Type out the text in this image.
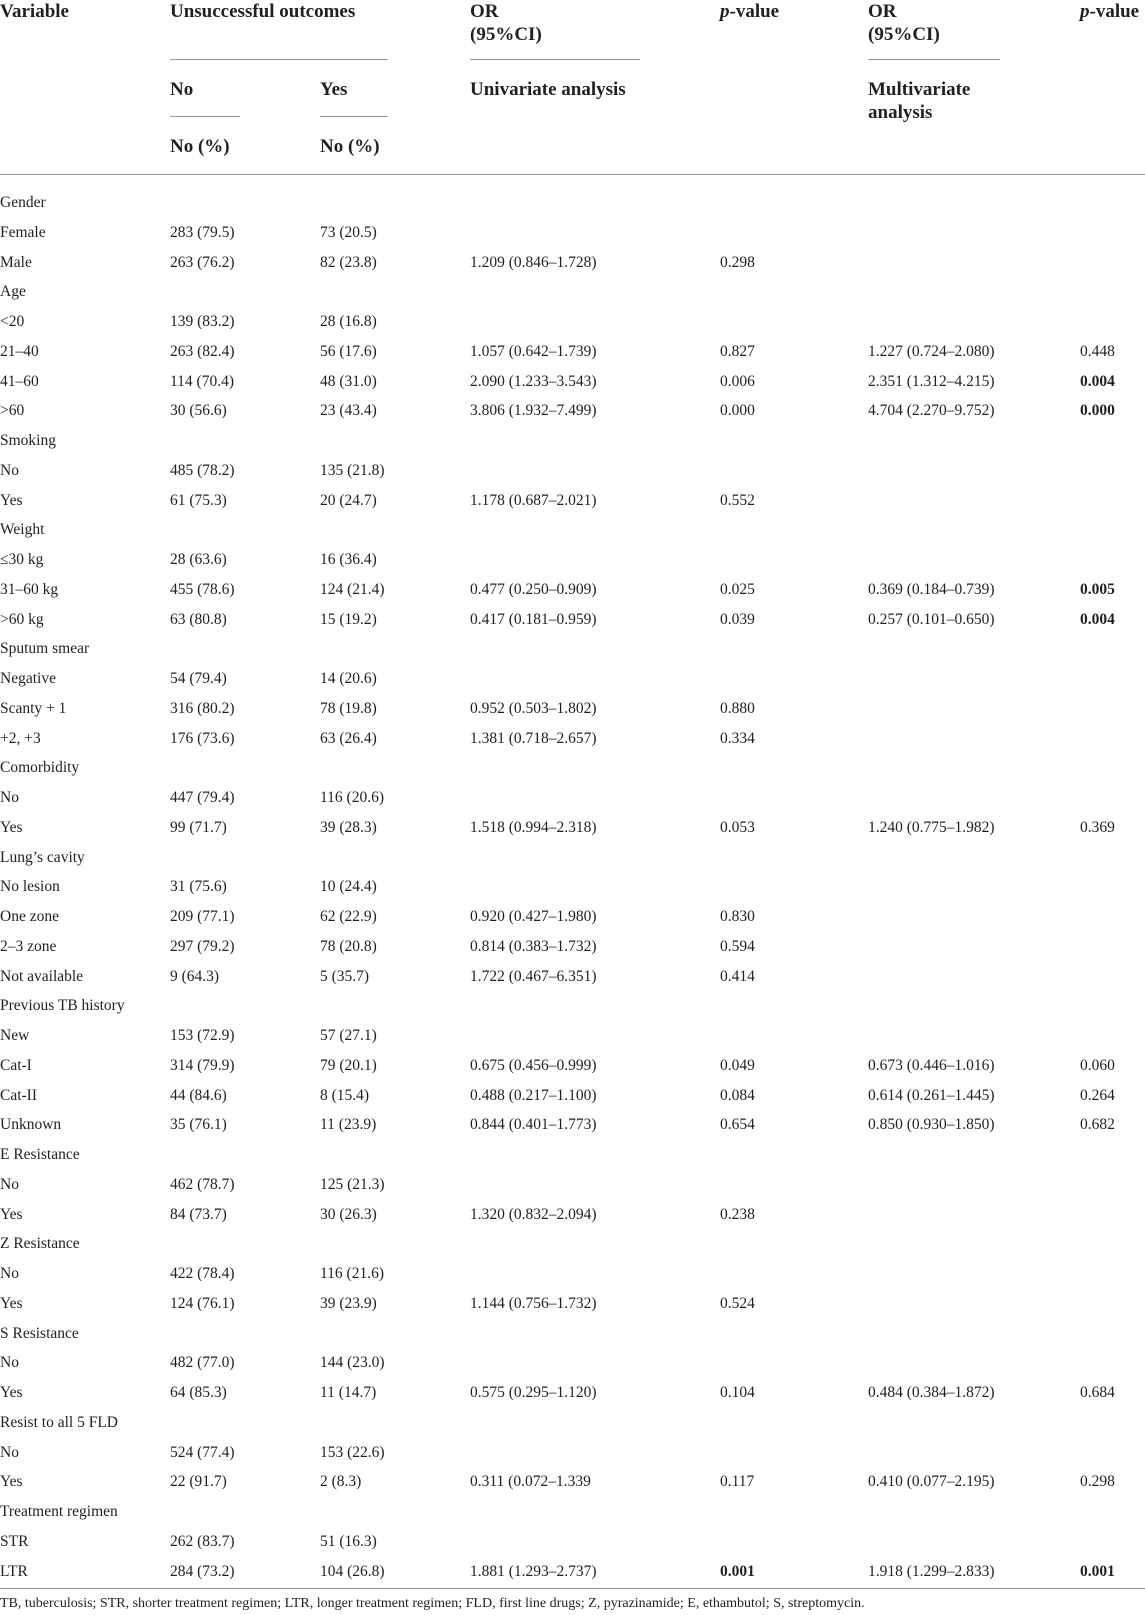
Variable	Unsuccessful outcomes	OR
(95%CI)
p-value	OR
(95%CI)
p-value
No	Yes	Univariate analysis	Multivariate
analysis
No (%)	No (%)
Gender
Female	283 (79.5)	73 (20.5)
Male	263 (76.2)	82 (23.8)	1.209 (0.846–1.728)	0.298
Age
<20	139 (83.2)	28 (16.8)
21–40	263 (82.4)	56 (17.6)	1.057 (0.642–1.739)	0.827	1.227 (0.724–2.080)	0.448
41–60	114 (70.4)	48 (31.0)	2.090 (1.233–3.543)	0.006	2.351 (1.312–4.215)	0.004
>60	30 (56.6)	23 (43.4)	3.806 (1.932–7.499)	0.000	4.704 (2.270–9.752)	0.000
Smoking
No	485 (78.2)	135 (21.8)
Yes	61 (75.3)	20 (24.7)	1.178 (0.687–2.021)	0.552
Weight
≤30 kg	28 (63.6)	16 (36.4)
31–60 kg	455 (78.6)	124 (21.4)	0.477 (0.250–0.909)	0.025	0.369 (0.184–0.739)	0.005
>60 kg	63 (80.8)	15 (19.2)	0.417 (0.181–0.959)	0.039	0.257 (0.101–0.650)	0.004
Sputum smear
Negative	54 (79.4)	14 (20.6)
Scanty + 1	316 (80.2)	78 (19.8)	0.952 (0.503–1.802)	0.880
+2, +3	176 (73.6)	63 (26.4)	1.381 (0.718–2.657)	0.334
Comorbidity
No	447 (79.4)	116 (20.6)
Yes	99 (71.7)	39 (28.3)	1.518 (0.994–2.318)	0.053	1.240 (0.775–1.982)	0.369
Lung’s cavity
No lesion	31 (75.6)	10 (24.4)
One zone	209 (77.1)	62 (22.9)	0.920 (0.427–1.980)	0.830
2–3 zone	297 (79.2)	78 (20.8)	0.814 (0.383–1.732)	0.594
Not available	9 (64.3)	5 (35.7)	1.722 (0.467–6.351)	0.414
Previous TB history
New	153 (72.9)	57 (27.1)
Cat-I	314 (79.9)	79 (20.1)	0.675 (0.456–0.999)	0.049	0.673 (0.446–1.016)	0.060
Cat-II	44 (84.6)	8 (15.4)	0.488 (0.217–1.100)	0.084	0.614 (0.261–1.445)	0.264
Unknown	35 (76.1)	11 (23.9)	0.844 (0.401–1.773)	0.654	0.850 (0.930–1.850)	0.682
E Resistance
No	462 (78.7)	125 (21.3)
Yes	84 (73.7)	30 (26.3)	1.320 (0.832–2.094)	0.238
Z Resistance
No	422 (78.4)	116 (21.6)
Yes	124 (76.1)	39 (23.9)	1.144 (0.756–1.732)	0.524
S Resistance
No	482 (77.0)	144 (23.0)
Yes	64 (85.3)	11 (14.7)	0.575 (0.295–1.120)	0.104	0.484 (0.384–1.872)	0.684
Resist to all 5 FLD
No	524 (77.4)	153 (22.6)
Yes	22 (91.7)	2 (8.3)	0.311 (0.072–1.339	0.117	0.410 (0.077–2.195)	0.298
Treatment regimen
STR	262 (83.7)	51 (16.3)
LTR	284 (73.2)	104 (26.8)	1.881 (1.293–2.737)	0.001	1.918 (1.299–2.833)	0.001
TB, tuberculosis; STR, shorter treatment regimen; LTR, longer treatment regimen; FLD, first line drugs; Z, pyrazinamide; E, ethambutol; S, streptomycin.
